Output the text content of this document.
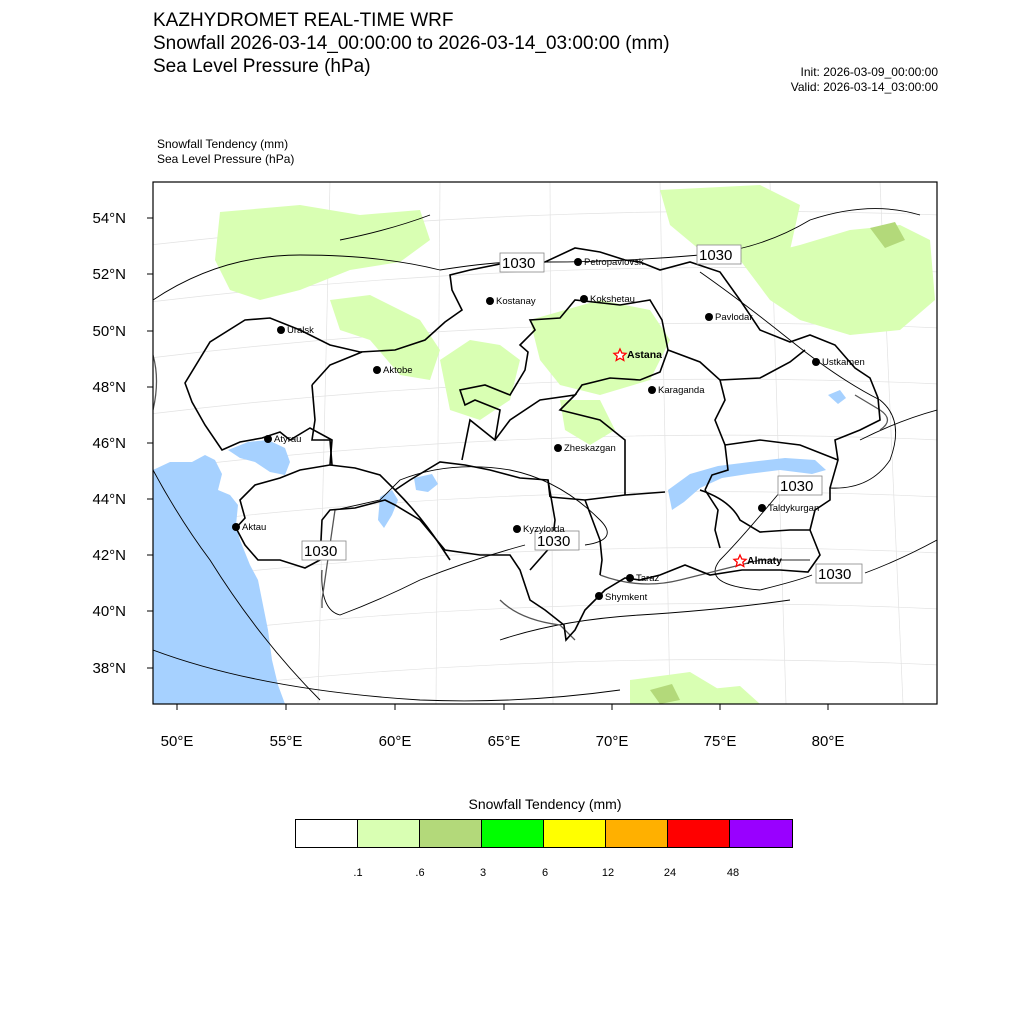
KAZHYDROMET REAL-TIME WRF
Snowfall 2026-03-14_00:00:00 to 2026-03-14_03:00:00 (mm)
Sea Level Pressure (hPa)	Init: 2026-03-09_00:00:00
Valid: 2026-03-14_03:00:00
Snowfall Tendency (mm)
Sea Level Pressure (hPa)
54°N
52°N
50°N
48°N
46°N
44°N
42°N
40°N
38°N
50°E	55°E	60°E	65°E	70°E	75°E	80°E
1030	1030
1030
1030
1030
1030
Petropavlovsk
Kostanay	Kokshetau
Pavlodar
Uralsk
Astana
Ustkamen
Aktobe
Karaganda
Atyrau
Zheskazgan
Aktau	Kyzylorda
Taldykurgan
Almaty
Taraz
Shymkent
Snowfall Tendency (mm)
.1	.6	3	6	12	24	48
